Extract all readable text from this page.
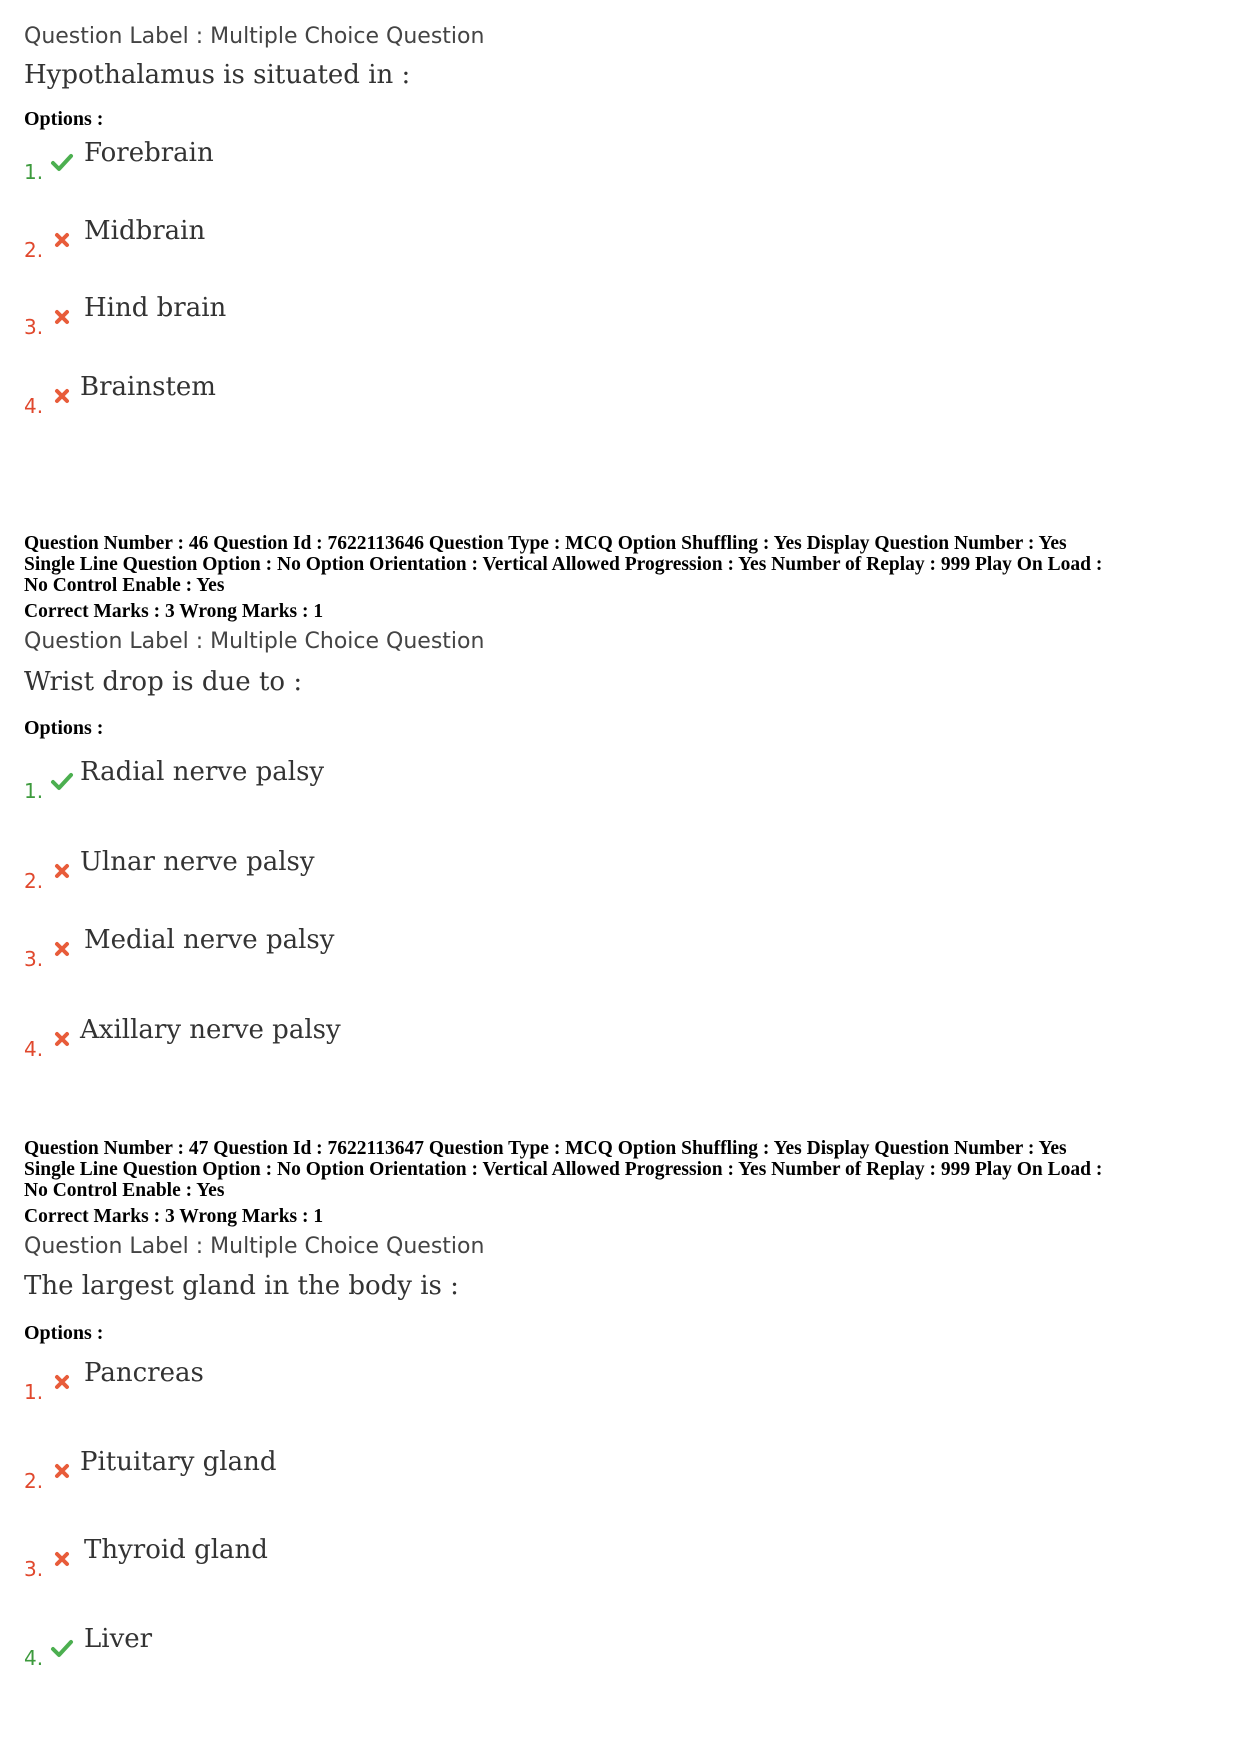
Question Label : Multiple Choice Question
Hypothalamus is situated in :
Options :
1.
Forebrain
2.
Midbrain
3.
Hind brain
4.
Brainstem
Question Number : 46 Question Id : 7622113646 Question Type : MCQ Option Shuffling : Yes Display Question Number : Yes
Single Line Question Option : No Option Orientation : Vertical Allowed Progression : Yes Number of Replay : 999 Play On Load :
No Control Enable : Yes
Correct Marks : 3 Wrong Marks : 1
Question Label : Multiple Choice Question
Wrist drop is due to :
Options :
1.
Radial nerve palsy
2.
Ulnar nerve palsy
3.
Medial nerve palsy
4.
Axillary nerve palsy
Question Number : 47 Question Id : 7622113647 Question Type : MCQ Option Shuffling : Yes Display Question Number : Yes
Single Line Question Option : No Option Orientation : Vertical Allowed Progression : Yes Number of Replay : 999 Play On Load :
No Control Enable : Yes
Correct Marks : 3 Wrong Marks : 1
Question Label : Multiple Choice Question
The largest gland in the body is :
Options :
1.
Pancreas
2.
Pituitary gland
3.
Thyroid gland
4.
Liver
